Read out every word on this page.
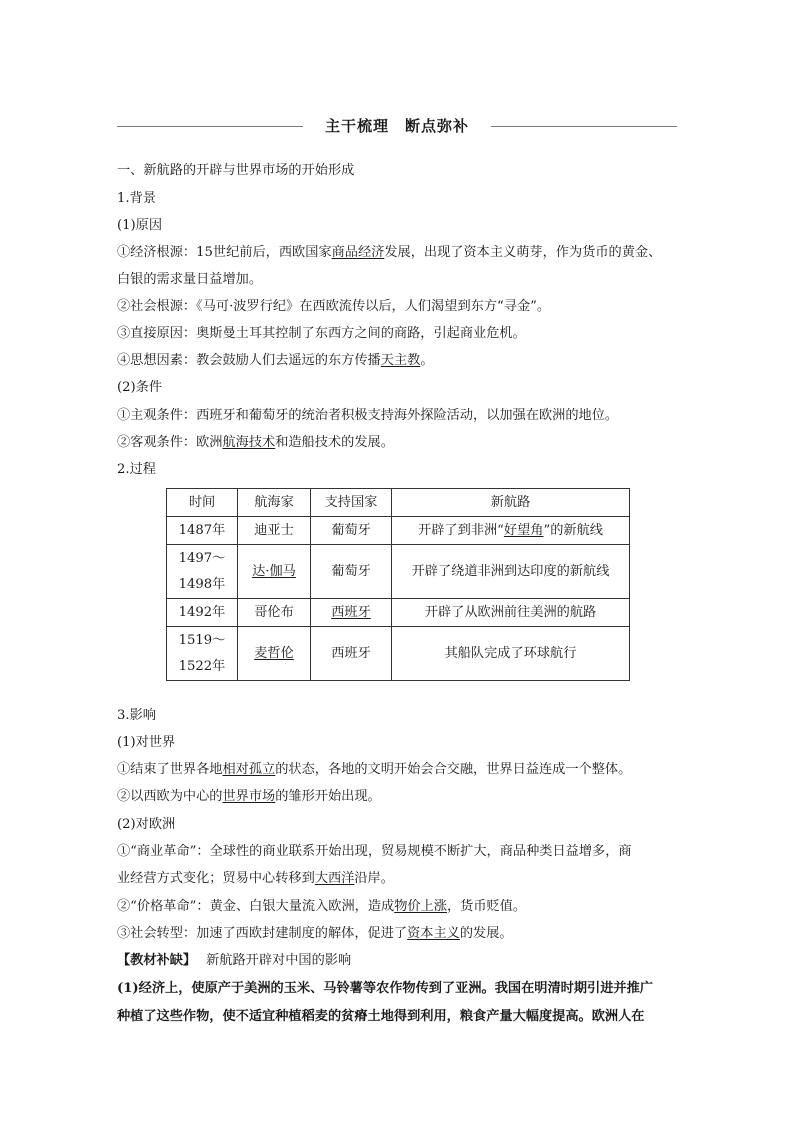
主干梳理　断点弥补
一、新航路的开辟与世界市场的开始形成
1.背景
(1)原因
①经济根源：15世纪前后，西欧国家商品经济发展，出现了资本主义萌芽，作为货币的黄金、
白银的需求量日益增加。
②社会根源：《马可·波罗行纪》在西欧流传以后，人们渴望到东方“寻金”。
③直接原因：奥斯曼土耳其控制了东西方之间的商路，引起商业危机。
④思想因素：教会鼓励人们去遥远的东方传播天主教。
(2)条件
①主观条件：西班牙和葡萄牙的统治者积极支持海外探险活动，以加强在欧洲的地位。
②客观条件：欧洲航海技术和造船技术的发展。
2.过程
时间	航海家	支持国家	新航路
1487年	迪亚士	葡萄牙	开辟了到非洲“好望角”的新航线

1497～
1498年	达·伽马	葡萄牙	开辟了绕道非洲到达印度的新航线
1492年	哥伦布	西班牙	开辟了从欧洲前往美洲的航路

1519～
1522年	麦哲伦	西班牙	其船队完成了环球航行
3.影响
(1)对世界
①结束了世界各地相对孤立的状态，各地的文明开始会合交融，世界日益连成一个整体。
②以西欧为中心的世界市场的雏形开始出现。
(2)对欧洲
①“商业革命”：全球性的商业联系开始出现，贸易规模不断扩大，商品种类日益增多，商
业经营方式变化；贸易中心转移到大西洋沿岸。
②“价格革命”：黄金、白银大量流入欧洲，造成物价上涨，货币贬值。
③社会转型：加速了西欧封建制度的解体，促进了资本主义的发展。
【教材补缺】 新航路开辟对中国的影响
(1)经济上，使原产于美洲的玉米、马铃薯等农作物传到了亚洲。我国在明清时期引进并推广
种植了这些作物，使不适宜种植稻麦的贫瘠土地得到利用，粮食产量大幅度提高。欧洲人在
